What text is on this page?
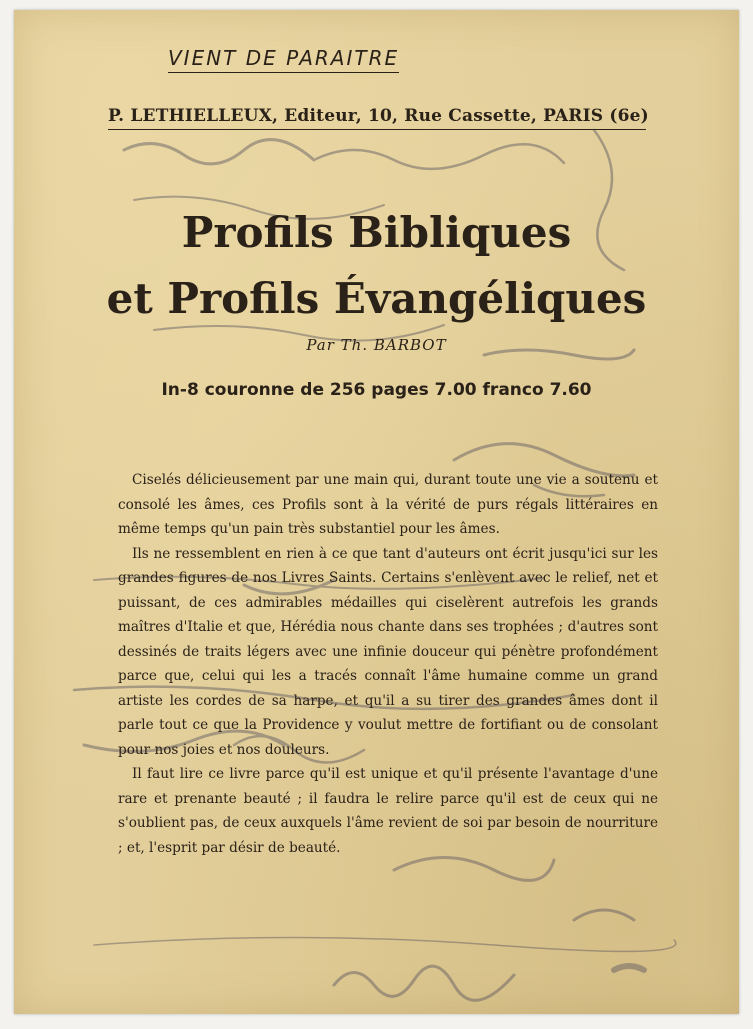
VIENT DE PARAITRE

P. LETHIELLEUX, Editeur, 10, Rue Cassette, PARIS (6e)

Profils Bibliques
et Profils Évangéliques

Par Th. BARBOT

In-8 couronne de 256 pages 7.00 franco 7.60

Ciselés délicieusement par une main qui, durant toute une vie a soutenu et consolé les âmes, ces Profils sont à la vérité de purs régals littéraires en même temps qu'un pain très substantiel pour les âmes.

Ils ne ressemblent en rien à ce que tant d'auteurs ont écrit jusqu'ici sur les grandes figures de nos Livres Saints. Certains s'enlèvent avec le relief, net et puissant, de ces admirables médailles qui ciselèrent autrefois les grands maîtres d'Italie et que, Hérédia nous chante dans ses trophées ; d'autres sont dessinés de traits légers avec une infinie douceur qui pénètre profondément parce que, celui qui les a tracés connaît l'âme humaine comme un grand artiste les cordes de sa harpe, et qu'il a su tirer des grandes âmes dont il parle tout ce que la Providence y voulut mettre de fortifiant ou de consolant pour nos joies et nos douleurs.

Il faut lire ce livre parce qu'il est unique et qu'il présente l'avantage d'une rare et prenante beauté ; il faudra le relire parce qu'il est de ceux qui ne s'oublient pas, de ceux auxquels l'âme revient de soi par besoin de nourriture ; et, l'esprit par désir de beauté.
